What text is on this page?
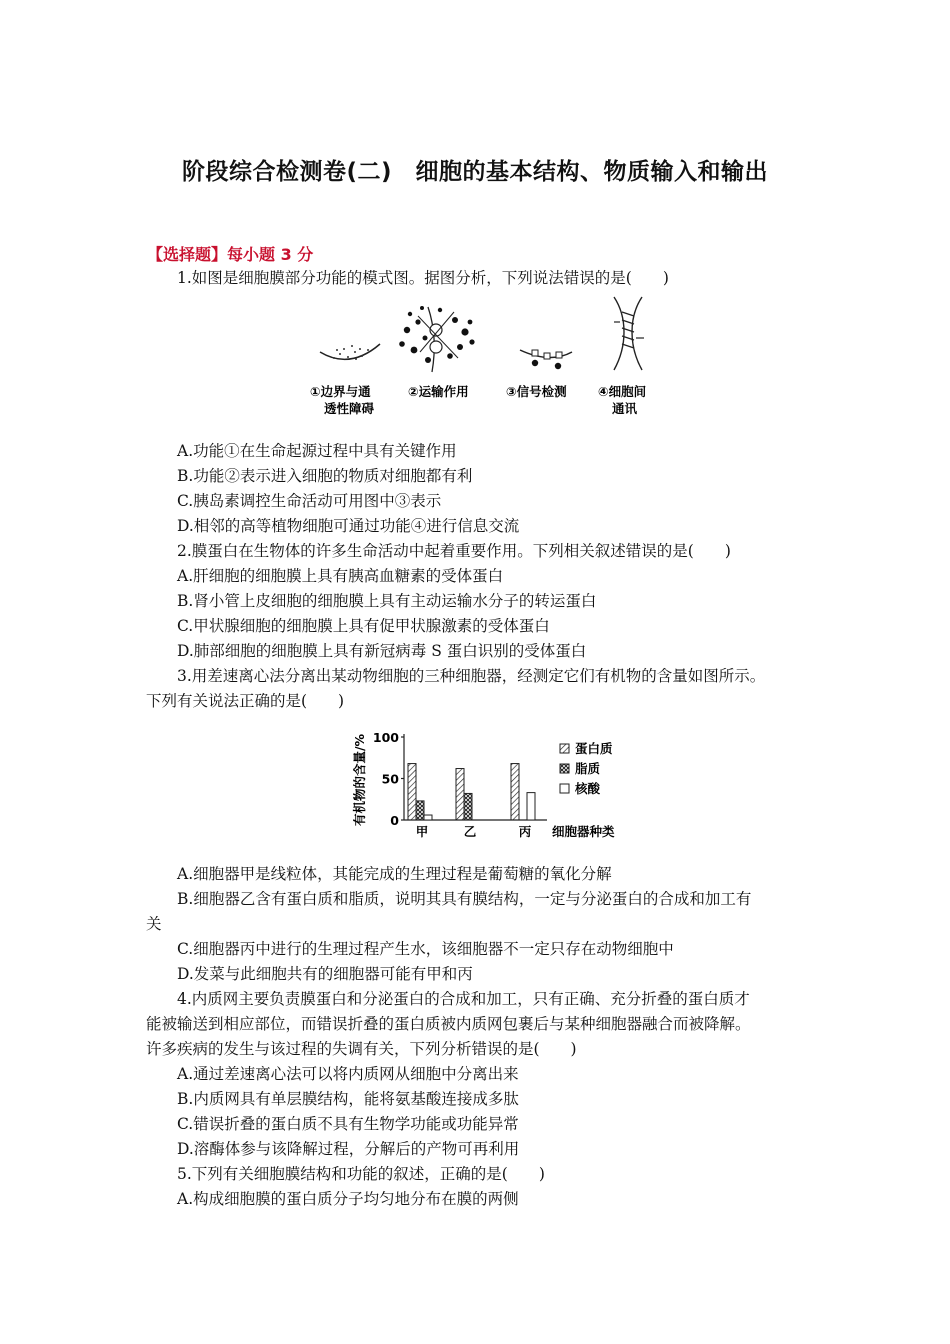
阶段综合检测卷(二)　细胞的基本结构、物质输入和输出
【选择题】每小题 3 分
1.如图是细胞膜部分功能的模式图。据图分析，下列说法错误的是(　　)
①边界与通
透性障碍
②运输作用	③信号检测	④细胞间
通讯
A.功能①在生命起源过程中具有关键作用
B.功能②表示进入细胞的物质对细胞都有利
C.胰岛素调控生命活动可用图中③表示
D.相邻的高等植物细胞可通过功能④进行信息交流
2.膜蛋白在生物体的许多生命活动中起着重要作用。下列相关叙述错误的是(　　)
A.肝细胞的细胞膜上具有胰高血糖素的受体蛋白
B.肾小管上皮细胞的细胞膜上具有主动运输水分子的转运蛋白
C.甲状腺细胞的细胞膜上具有促甲状腺激素的受体蛋白
D.肺部细胞的细胞膜上具有新冠病毒 S 蛋白识别的受体蛋白
3.用差速离心法分离出某动物细胞的三种细胞器，经测定它们有机物的含量如图所示。
下列有关说法正确的是(　　)
有机物的含量/% 0
50
100
甲	乙	丙 细胞器种类
蛋白质
脂质
核酸
A.细胞器甲是线粒体，其能完成的生理过程是葡萄糖的氧化分解
B.细胞器乙含有蛋白质和脂质，说明其具有膜结构，一定与分泌蛋白的合成和加工有
关
C.细胞器丙中进行的生理过程产生水，该细胞器不一定只存在动物细胞中
D.发菜与此细胞共有的细胞器可能有甲和丙
4.内质网主要负责膜蛋白和分泌蛋白的合成和加工，只有正确、充分折叠的蛋白质才
能被输送到相应部位，而错误折叠的蛋白质被内质网包裹后与某种细胞器融合而被降解。
许多疾病的发生与该过程的失调有关，下列分析错误的是(　　)
A.通过差速离心法可以将内质网从细胞中分离出来
B.内质网具有单层膜结构，能将氨基酸连接成多肽
C.错误折叠的蛋白质不具有生物学功能或功能异常
D.溶酶体参与该降解过程，分解后的产物可再利用
5.下列有关细胞膜结构和功能的叙述，正确的是(　　)
A.构成细胞膜的蛋白质分子均匀地分布在膜的两侧
